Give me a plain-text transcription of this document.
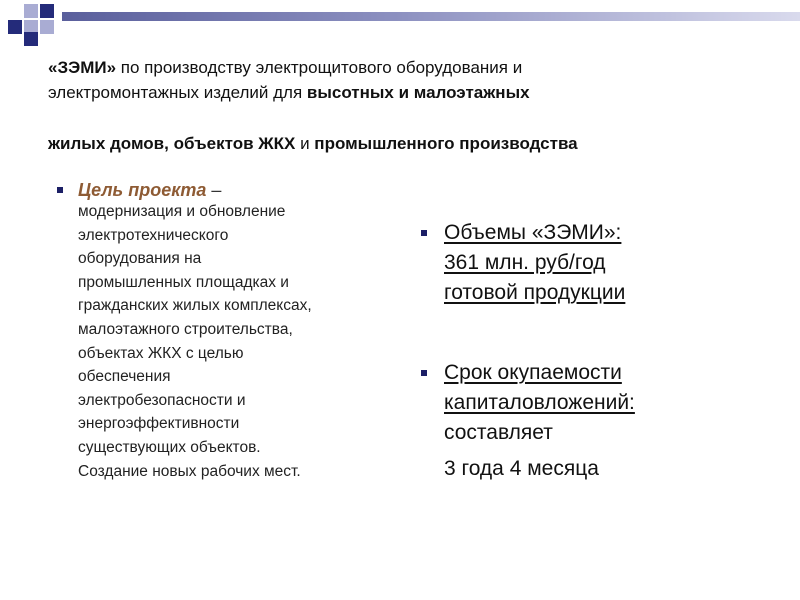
«ЗЭМИ» по производству электрощитового оборудования и
электромонтажных изделий для высотных и малоэтажных
жилых домов, объектов ЖКХ и промышленного производства
Цель проекта –
модернизация и обновление
электротехнического
оборудования на
промышленных площадках и
гражданских жилых комплексах,
малоэтажного строительства,
объектах ЖКХ с целью
обеспечения
электробезопасности и
энергоэффективности
существующих объектов.
Создание новых рабочих мест.
Объемы «ЗЭМИ»:
361 млн. руб/год
готовой продукции
Срок окупаемости
капиталовложений:
составляет
3 года 4 месяца
